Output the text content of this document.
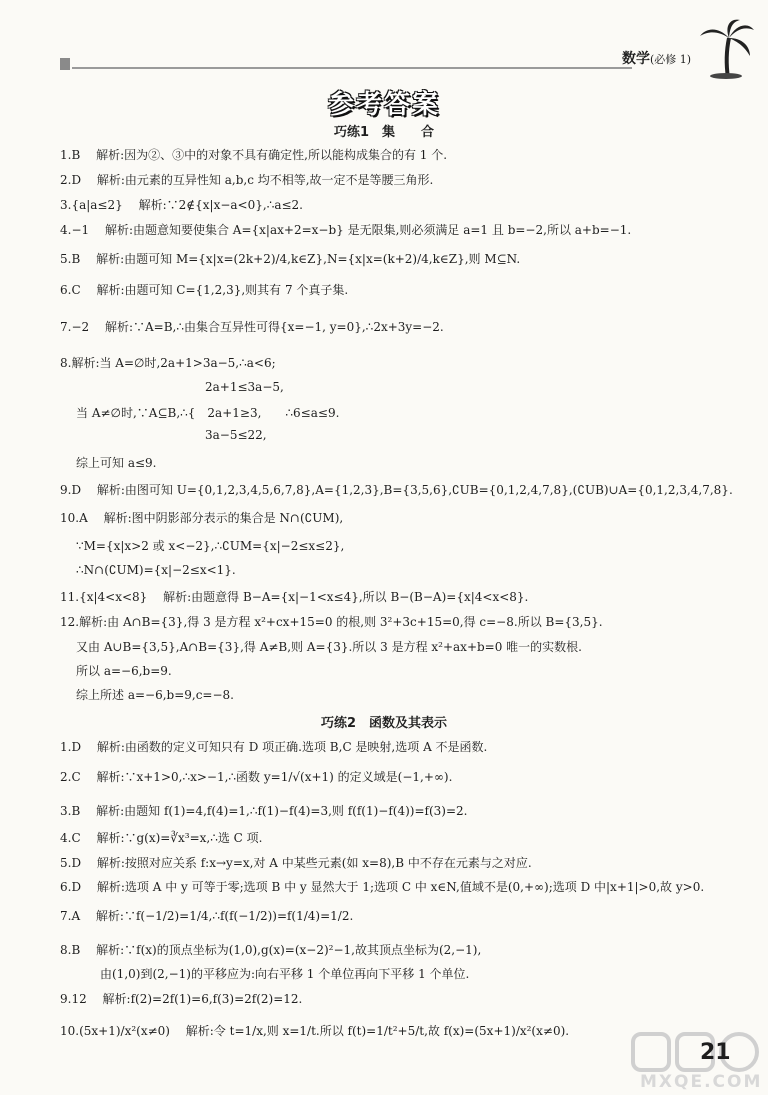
数学(必修 1)
参考答案
巧练1　集　　合
1.B　 解析:因为②、③中的对象不具有确定性,所以能构成集合的有 1 个.
2.D　 解析:由元素的互异性知 a,b,c 均不相等,故一定不是等腰三角形.
3.{a|a≤2}　 解析:∵2∉{x|x−a<0},∴a≤2.
4.−1　 解析:由题意知要使集合 A={x|ax+2=x−b} 是无限集,则必须满足 a=1 且 b=−2,所以 a+b=−1.
5.B　 解析:由题可知 M={x|x=(2k+2)/4,k∈Z},N={x|x=(k+2)/4,k∈Z},则 M⊆N.
6.C　 解析:由题可知 C={1,2,3},则其有 7 个真子集.
7.−2　 解析:∵A=B,∴由集合互异性可得{x=−1, y=0},∴2x+3y=−2.
8.解析:当 A=∅时,2a+1>3a−5,∴a<6;
2a+1≤3a−5,
当 A≠∅时,∵A⊆B,∴{　2a+1≥3,　　∴6≤a≤9.
3a−5≤22,
综上可知 a≤9.
9.D　 解析:由图可知 U={0,1,2,3,4,5,6,7,8},A={1,2,3},B={3,5,6},∁UB={0,1,2,4,7,8},(∁UB)∪A={0,1,2,3,4,7,8}.
10.A　 解析:图中阴影部分表示的集合是 N∩(∁UM),
∵M={x|x>2 或 x<−2},∴∁UM={x|−2≤x≤2},
∴N∩(∁UM)={x|−2≤x<1}.
11.{x|4<x<8}　 解析:由题意得 B−A={x|−1<x≤4},所以 B−(B−A)={x|4<x<8}.
12.解析:由 A∩B={3},得 3 是方程 x²+cx+15=0 的根,则 3²+3c+15=0,得 c=−8.所以 B={3,5}.
又由 A∪B={3,5},A∩B={3},得 A≠B,则 A={3}.所以 3 是方程 x²+ax+b=0 唯一的实数根.
所以 a=−6,b=9.
综上所述 a=−6,b=9,c=−8.
巧练2　函数及其表示
1.D　 解析:由函数的定义可知只有 D 项正确.选项 B,C 是映射,选项 A 不是函数.
2.C　 解析:∵x+1>0,∴x>−1,∴函数 y=1/√(x+1) 的定义域是(−1,+∞).
3.B　 解析:由题知 f(1)=4,f(4)=1,∴f(1)−f(4)=3,则 f(f(1)−f(4))=f(3)=2.
4.C　 解析:∵g(x)=∛x³=x,∴选 C 项.
5.D　 解析:按照对应关系 f:x→y=x,对 A 中某些元素(如 x=8),B 中不存在元素与之对应.
6.D　 解析:选项 A 中 y 可等于零;选项 B 中 y 显然大于 1;选项 C 中 x∈N,值域不是(0,+∞);选项 D 中|x+1|>0,故 y>0.
7.A　 解析:∵f(−1/2)=1/4,∴f(f(−1/2))=f(1/4)=1/2.
8.B　 解析:∵f(x)的顶点坐标为(1,0),g(x)=(x−2)²−1,故其顶点坐标为(2,−1),
由(1,0)到(2,−1)的平移应为:向右平移 1 个单位再向下平移 1 个单位.
9.12　 解析:f(2)=2f(1)=6,f(3)=2f(2)=12.
10.(5x+1)/x²(x≠0)　 解析:令 t=1/x,则 x=1/t.所以 f(t)=1/t²+5/t,故 f(x)=(5x+1)/x²(x≠0).
21
MXQE.COM
